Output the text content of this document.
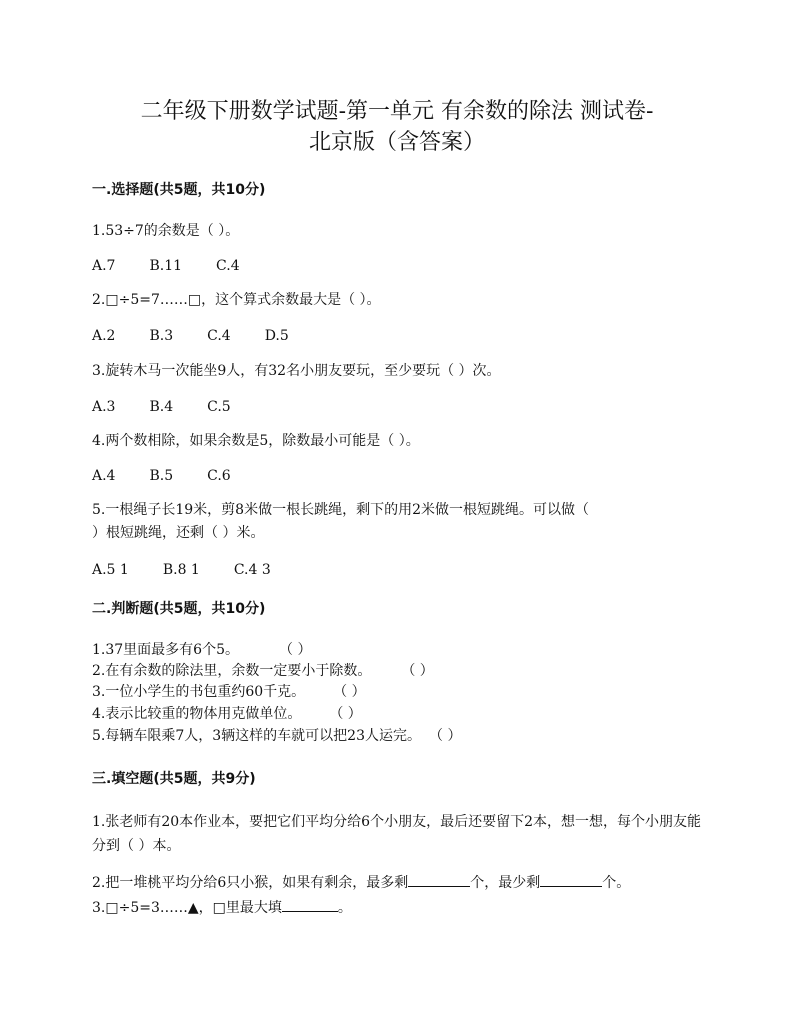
二年级下册数学试题-第一单元 有余数的除法 测试卷-
北京版（含答案）
一.选择题(共5题，共10分)
1.53÷7的余数是（ ）。
A.7 B.11 C.4
2.□÷5=7……□，这个算式余数最大是（ ）。
A.2 B.3 C.4 D.5
3.旋转木马一次能坐9人，有32名小朋友要玩，至少要玩（ ）次。
A.3 B.4 C.5
4.两个数相除，如果余数是5，除数最小可能是（ ）。
A.4 B.5 C.6
5.一根绳子长19米，剪8米做一根长跳绳，剩下的用2米做一根短跳绳。可以做（
）根短跳绳，还剩（ ）米。
A.5 1 B.8 1 C.4 3
二.判断题(共5题，共10分)
1.37里面最多有6个5。	（ ）
2.在有余数的除法里，余数一定要小于除数。 （ ）
3.一位小学生的书包重约60千克。 （ ）
4.表示比较重的物体用克做单位。 （ ）
5.每辆车限乘7人，3辆这样的车就可以把23人运完。 （ ）
三.填空题(共5题，共9分)
1.张老师有20本作业本，要把它们平均分给6个小朋友，最后还要留下2本，想一想，每个小朋友能分到（ ）本。
2.把一堆桃平均分给6只小猴，如果有剩余，最多剩	个，最少剩	个。
3.□÷5=3……▲，□里最大填	。
